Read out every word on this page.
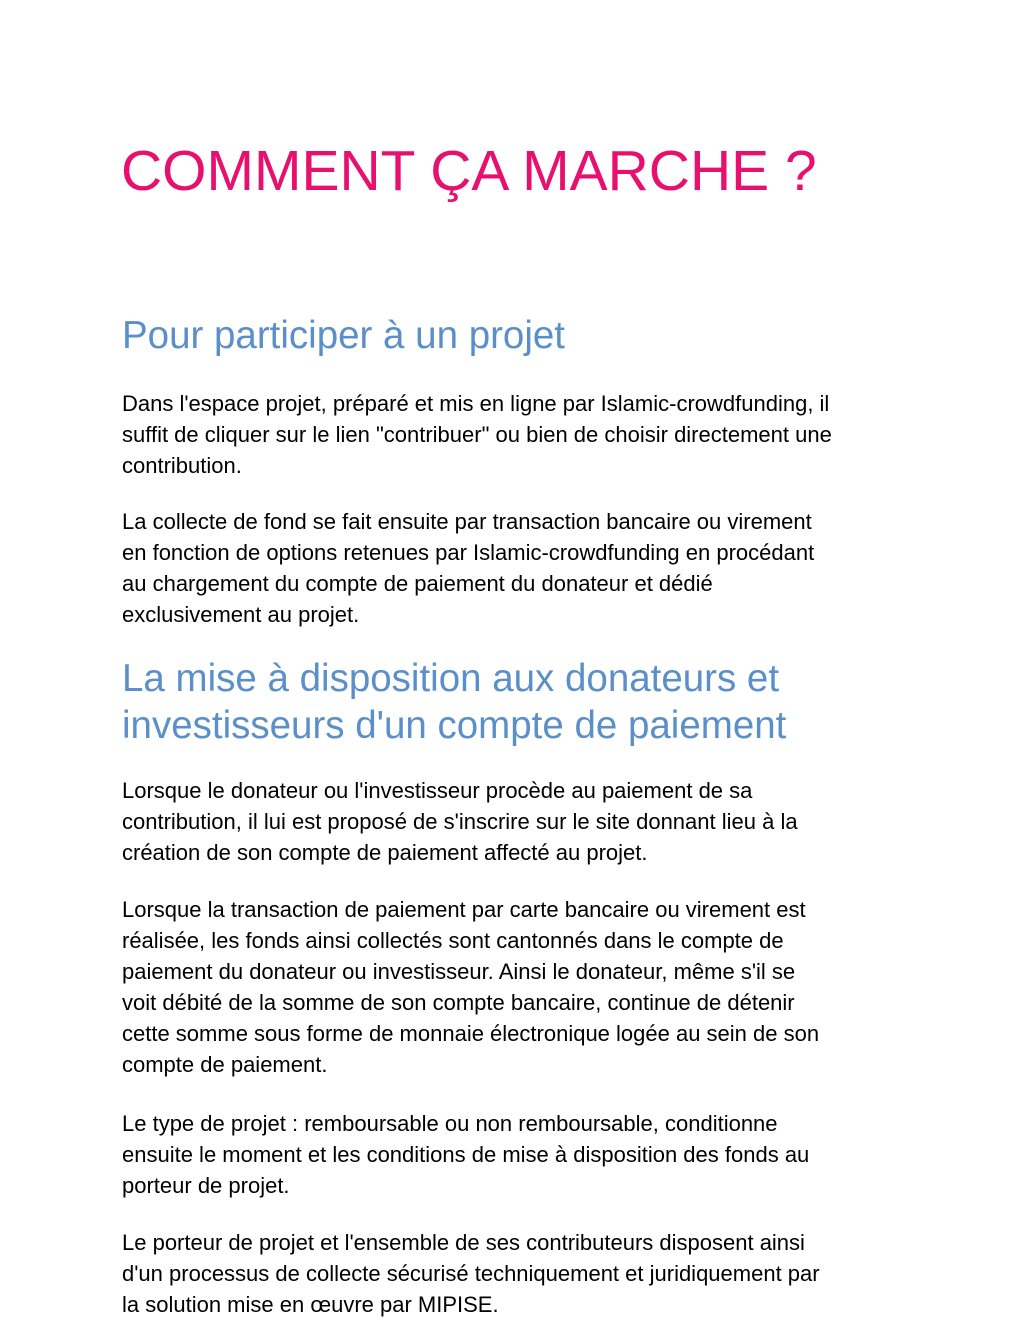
COMMENT ÇA MARCHE ?
Pour participer à un projet

Dans l'espace projet, préparé et mis en ligne par Islamic-crowdfunding, il
suffit de cliquer sur le lien "contribuer" ou bien de choisir directement une
contribution.

La collecte de fond se fait ensuite par transaction bancaire ou virement
en fonction de options retenues par Islamic-crowdfunding en procédant
au chargement du compte de paiement du donateur et dédié
exclusivement au projet.

La mise à disposition aux donateurs et
investisseurs d'un compte de paiement

Lorsque le donateur ou l'investisseur procède au paiement de sa
contribution, il lui est proposé de s'inscrire sur le site donnant lieu à la
création de son compte de paiement affecté au projet.

Lorsque la transaction de paiement par carte bancaire ou virement est
réalisée, les fonds ainsi collectés sont cantonnés dans le compte de
paiement du donateur ou investisseur. Ainsi le donateur, même s'il se
voit débité de la somme de son compte bancaire, continue de détenir
cette somme sous forme de monnaie électronique logée au sein de son
compte de paiement.

Le type de projet : remboursable ou non remboursable, conditionne
ensuite le moment et les conditions de mise à disposition des fonds au
porteur de projet.

Le porteur de projet et l'ensemble de ses contributeurs disposent ainsi
d'un processus de collecte sécurisé techniquement et juridiquement par
la solution mise en œuvre par MIPISE.
